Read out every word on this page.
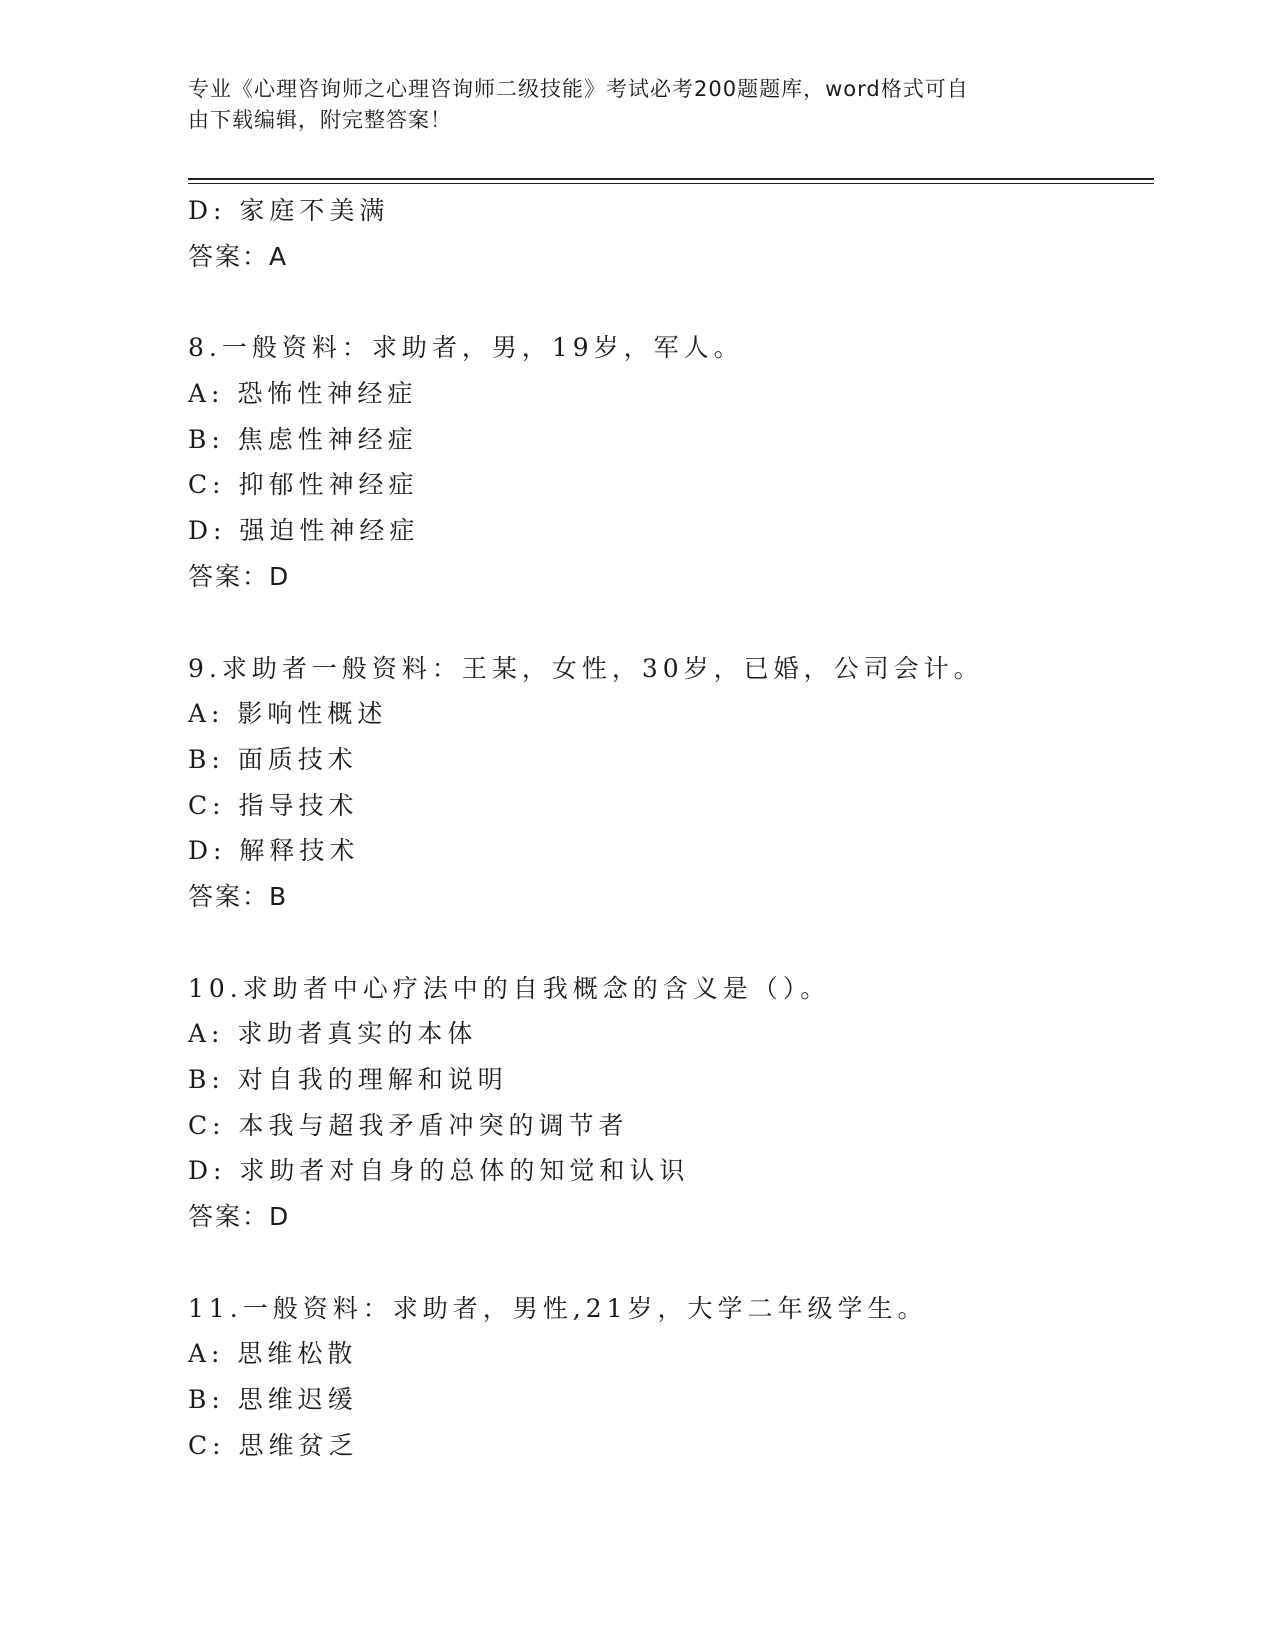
专业《心理咨询师之心理咨询师二级技能》考试必考200题题库，word格式可自
由下载编辑，附完整答案！
D: 家庭不美满
答案：A
8.一般资料：求助者，男，19岁，军人。
A: 恐怖性神经症
B: 焦虑性神经症
C: 抑郁性神经症
D: 强迫性神经症
答案：D
9.求助者一般资料：王某，女性，30岁，已婚，公司会计。
A: 影响性概述
B: 面质技术
C: 指导技术
D: 解释技术
答案：B
10.求助者中心疗法中的自我概念的含义是（）。
A: 求助者真实的本体
B: 对自我的理解和说明
C: 本我与超我矛盾冲突的调节者
D: 求助者对自身的总体的知觉和认识
答案：D
11.一般资料：求助者，男性,21岁，大学二年级学生。
A: 思维松散
B: 思维迟缓
C: 思维贫乏
